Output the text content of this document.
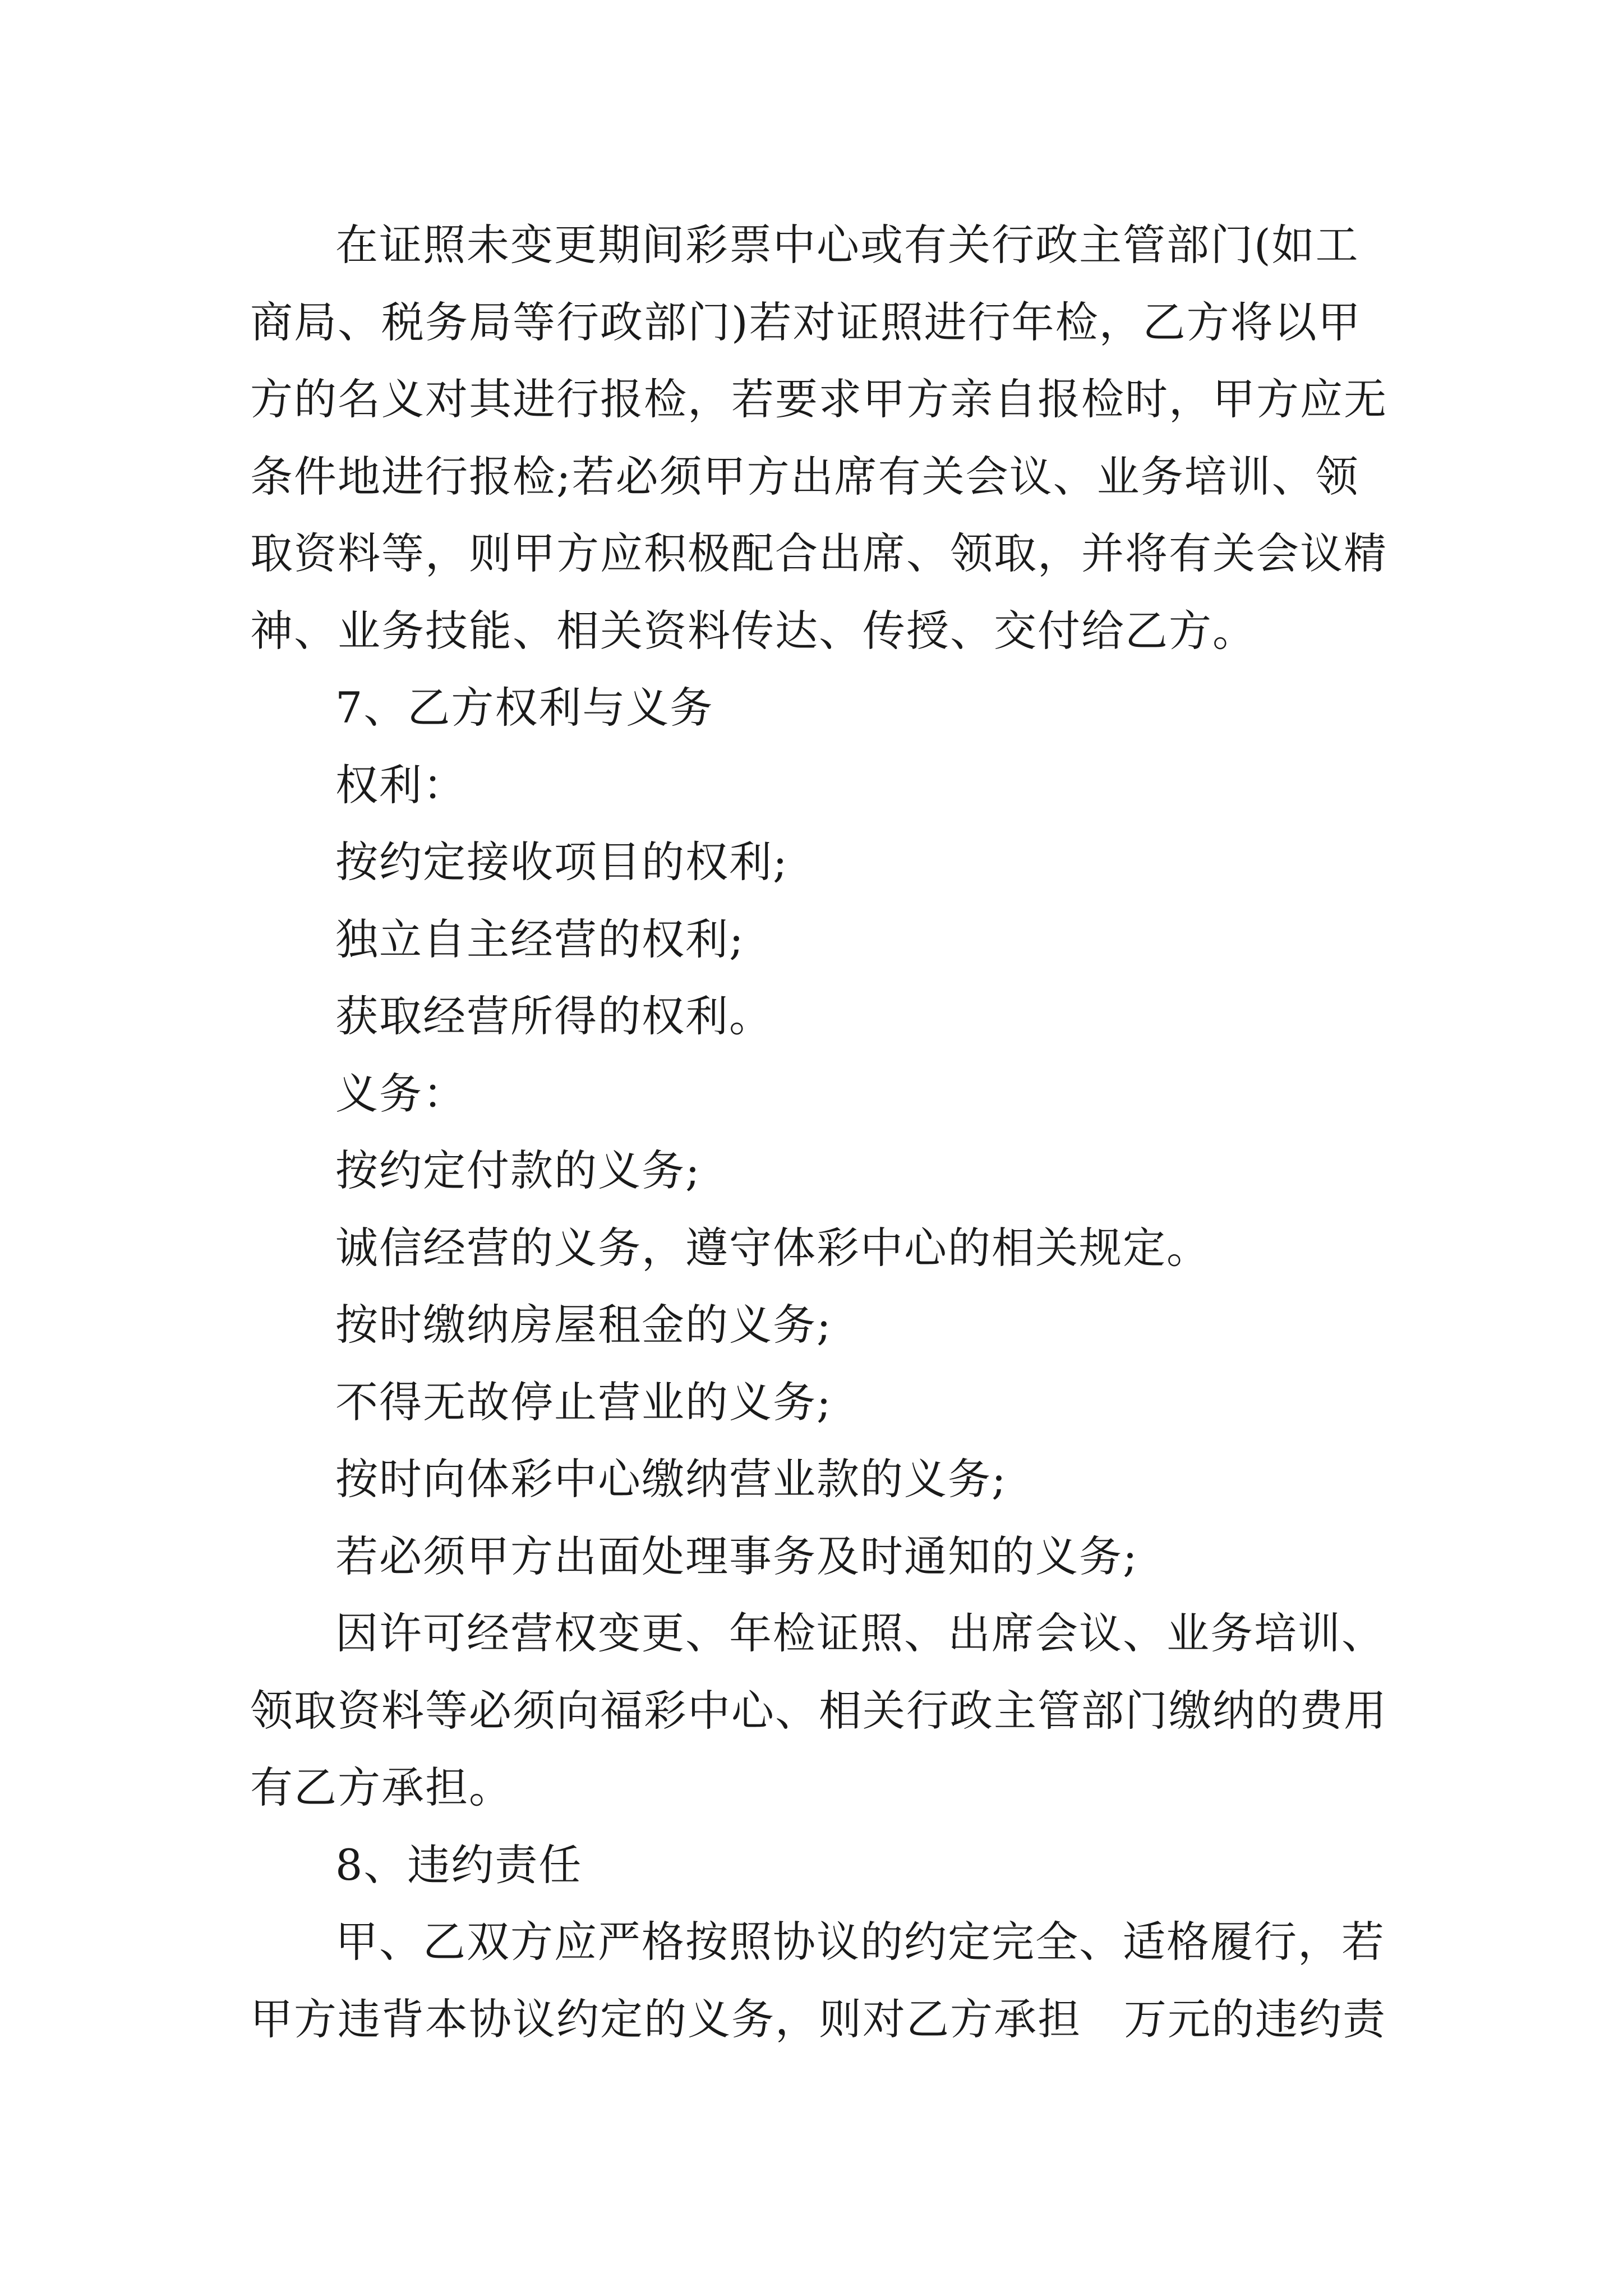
在证照未变更期间彩票中心或有关行政主管部门(如工
商局、税务局等行政部门)若对证照进行年检，乙方将以甲
方的名义对其进行报检，若要求甲方亲自报检时，甲方应无
条件地进行报检;若必须甲方出席有关会议、业务培训、领
取资料等，则甲方应积极配合出席、领取，并将有关会议精
神、业务技能、相关资料传达、传授、交付给乙方。

7、乙方权利与义务

权利：

按约定接收项目的权利;

独立自主经营的权利;

获取经营所得的权利。

义务：

按约定付款的义务;

诚信经营的义务，遵守体彩中心的相关规定。

按时缴纳房屋租金的义务;

不得无故停止营业的义务;

按时向体彩中心缴纳营业款的义务;

若必须甲方出面处理事务及时通知的义务;

因许可经营权变更、年检证照、出席会议、业务培训、
领取资料等必须向福彩中心、相关行政主管部门缴纳的费用
有乙方承担。

8、违约责任

甲、乙双方应严格按照协议的约定完全、适格履行，若
甲方违背本协议约定的义务，则对乙方承担 万元的违约责
